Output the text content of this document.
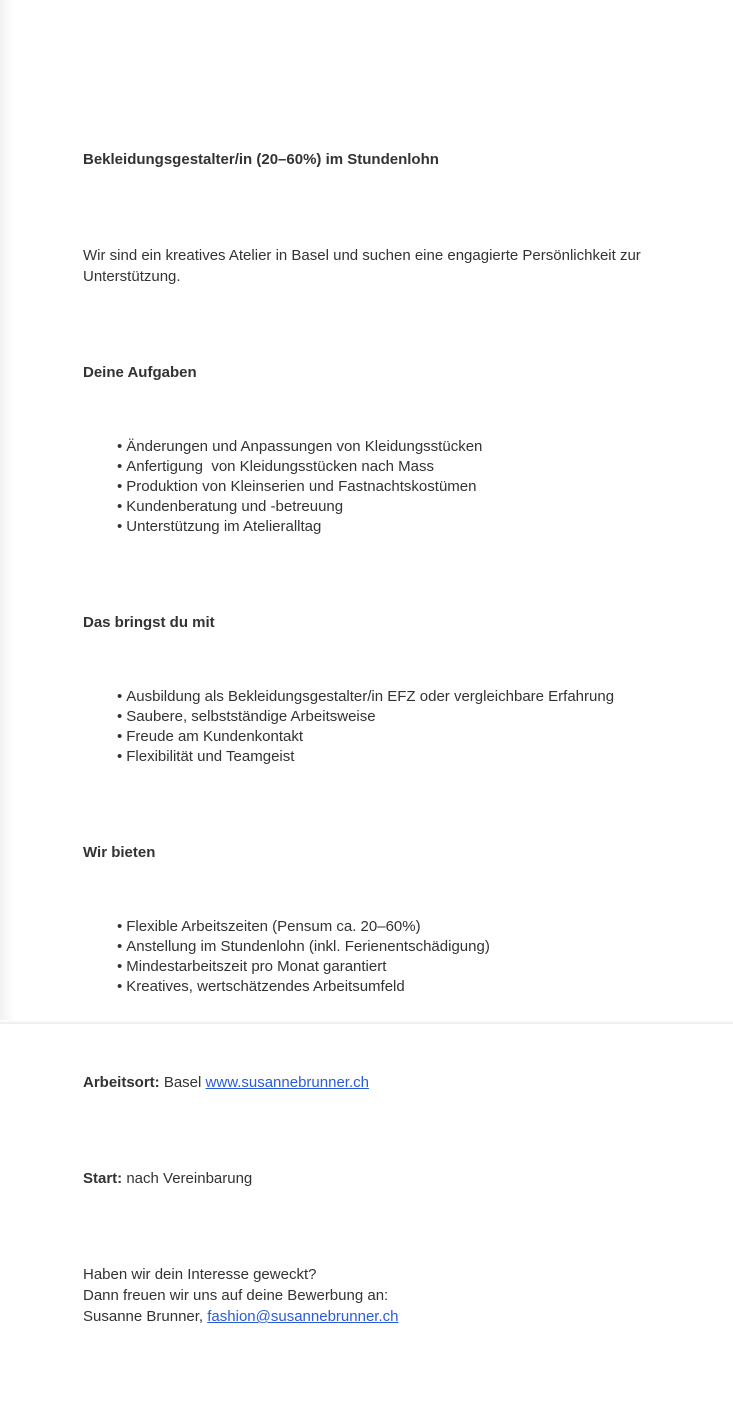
Bekleidungsgestalter/in (20–60%) im Stundenlohn

Wir sind ein kreatives Atelier in Basel und suchen eine engagierte Persönlichkeit zur Unterstützung.

Deine Aufgaben

• Änderungen und Anpassungen von Kleidungsstücken
• Anfertigung  von Kleidungsstücken nach Mass
• Produktion von Kleinserien und Fastnachtskostümen
• Kundenberatung und -betreuung
• Unterstützung im Atelieralltag

Das bringst du mit

• Ausbildung als Bekleidungsgestalter/in EFZ oder vergleichbare Erfahrung
• Saubere, selbstständige Arbeitsweise
• Freude am Kundenkontakt
• Flexibilität und Teamgeist

Wir bieten

• Flexible Arbeitszeiten (Pensum ca. 20–60%)
• Anstellung im Stundenlohn (inkl. Ferienentschädigung)
• Mindestarbeitszeit pro Monat garantiert
• Kreatives, wertschätzendes Arbeitsumfeld

Arbeitsort: Basel www.susannebrunner.ch

Start: nach Vereinbarung

Haben wir dein Interesse geweckt?
Dann freuen wir uns auf deine Bewerbung an:
Susanne Brunner, fashion@susannebrunner.ch
